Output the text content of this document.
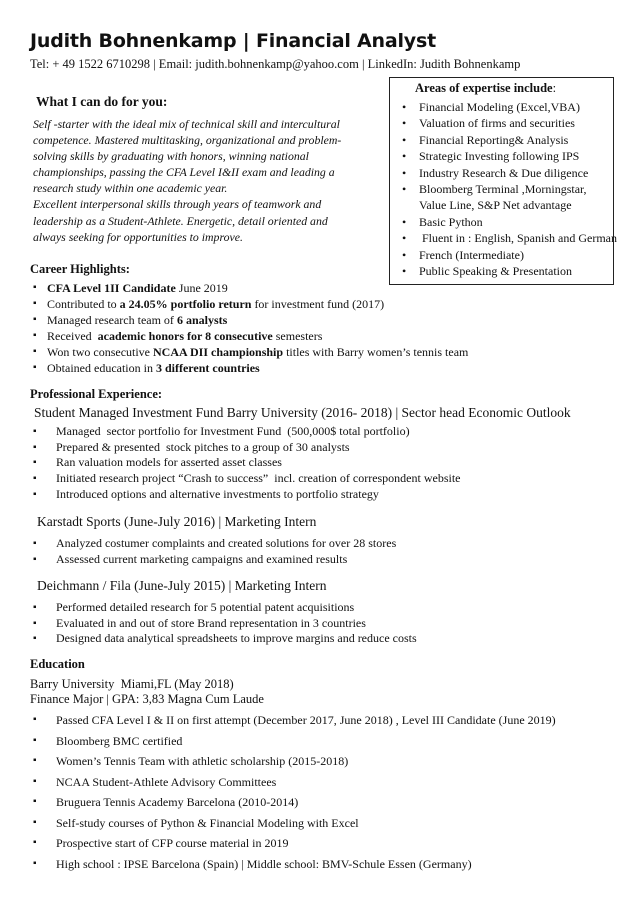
Judith Bohnenkamp | Financial Analyst
Tel: + 49 1522 6710298 | Email: judith.bohnenkamp@yahoo.com | LinkedIn: Judith Bohnenkamp
Areas of expertise include:
• Financial Modeling (Excel,VBA)
• Valuation of firms and securities
• Financial Reporting& Analysis
• Strategic Investing following IPS
• Industry Research & Due diligence
• Bloomberg Terminal ,Morningstar, Value Line, S&P Net advantage
• Basic Python
•  Fluent in : English, Spanish and German
• French (Intermediate)
• Public Speaking & Presentation
What I can do for you:
Self -starter with the ideal mix of technical skill and intercultural competence. Mastered multitasking, organizational and problem-solving skills by graduating with honors, winning national championships, passing the CFA Level I&II exam and leading a research study within one academic year.
Excellent interpersonal skills through years of teamwork and leadership as a Student-Athlete. Energetic, detail oriented and always seeking for opportunities to improve.
Career Highlights:
▪ CFA Level 1II Candidate June 2019
▪ Contributed to a 24.05% portfolio return for investment fund (2017)
▪ Managed research team of 6 analysts
▪ Received  academic honors for 8 consecutive semesters
▪ Won two consecutive NCAA DII championship titles with Barry women’s tennis team
▪ Obtained education in 3 different countries
Professional Experience:
Student Managed Investment Fund Barry University (2016- 2018) | Sector head Economic Outlook
▪ Managed  sector portfolio for Investment Fund  (500,000$ total portfolio)
▪ Prepared & presented  stock pitches to a group of 30 analysts
▪ Ran valuation models for asserted asset classes
▪ Initiated research project “Crash to success”  incl. creation of correspondent website
▪ Introduced options and alternative investments to portfolio strategy
Karstadt Sports (June-July 2016) | Marketing Intern
▪ Analyzed costumer complaints and created solutions for over 28 stores
▪ Assessed current marketing campaigns and examined results
Deichmann / Fila (June-July 2015) | Marketing Intern
▪ Performed detailed research for 5 potential patent acquisitions
▪ Evaluated in and out of store Brand representation in 3 countries
▪ Designed data analytical spreadsheets to improve margins and reduce costs
Education
Barry University  Miami,FL (May 2018)
Finance Major | GPA: 3,83 Magna Cum Laude
▪ Passed CFA Level I & II on first attempt (December 2017, June 2018) , Level III Candidate (June 2019)
▪ Bloomberg BMC certified
▪ Women’s Tennis Team with athletic scholarship (2015-2018)
▪ NCAA Student-Athlete Advisory Committees
▪ Bruguera Tennis Academy Barcelona (2010-2014)
▪ Self-study courses of Python & Financial Modeling with Excel
▪ Prospective start of CFP course material in 2019
▪ High school : IPSE Barcelona (Spain) | Middle school: BMV-Schule Essen (Germany)
